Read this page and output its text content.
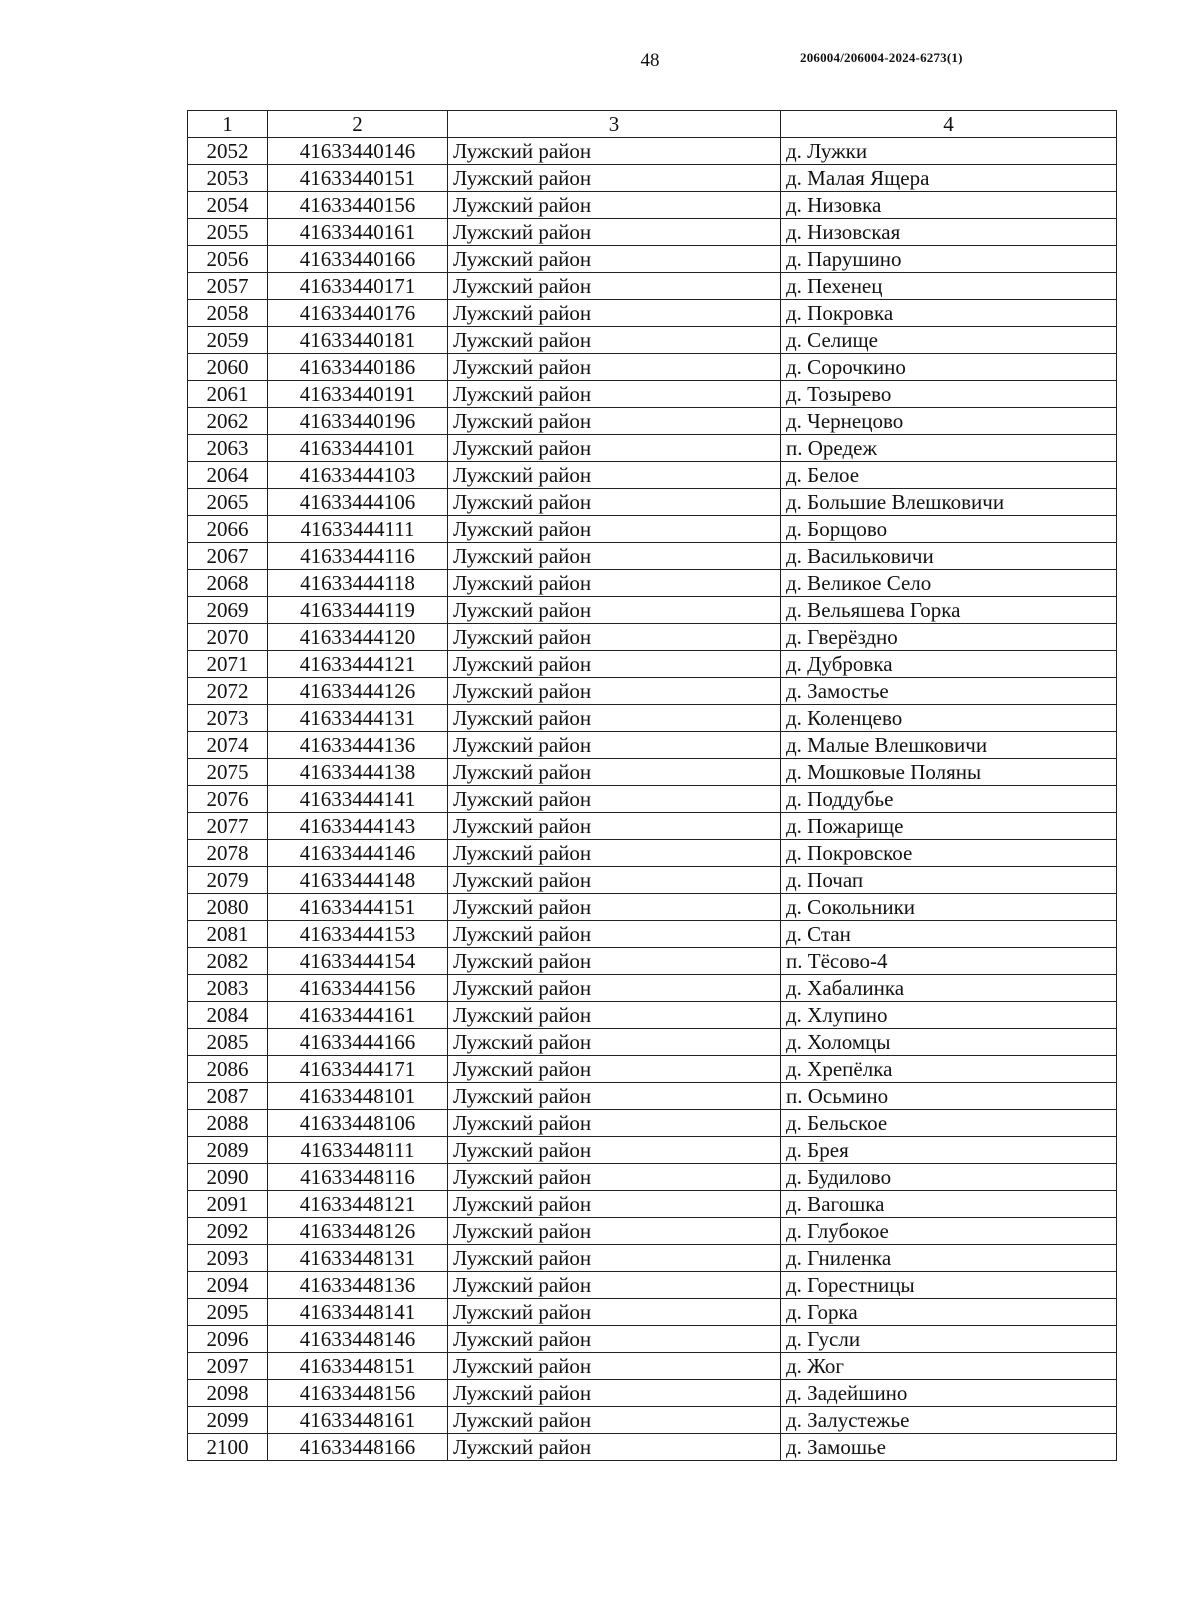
48	206004/206004-2024-6273(1)
1	2	3	4
2052	41633440146	Лужский район	д. Лужки
2053	41633440151	Лужский район	д. Малая Ящера
2054	41633440156	Лужский район	д. Низовка
2055	41633440161	Лужский район	д. Низовская
2056	41633440166	Лужский район	д. Парушино
2057	41633440171	Лужский район	д. Пехенец
2058	41633440176	Лужский район	д. Покровка
2059	41633440181	Лужский район	д. Селище
2060	41633440186	Лужский район	д. Сорочкино
2061	41633440191	Лужский район	д. Тозырево
2062	41633440196	Лужский район	д. Чернецово
2063	41633444101	Лужский район	п. Оредеж
2064	41633444103	Лужский район	д. Белое
2065	41633444106	Лужский район	д. Большие Влешковичи
2066	41633444111	Лужский район	д. Борщово
2067	41633444116	Лужский район	д. Васильковичи
2068	41633444118	Лужский район	д. Великое Село
2069	41633444119	Лужский район	д. Вельяшева Горка
2070	41633444120	Лужский район	д. Гверёздно
2071	41633444121	Лужский район	д. Дубровка
2072	41633444126	Лужский район	д. Замостье
2073	41633444131	Лужский район	д. Коленцево
2074	41633444136	Лужский район	д. Малые Влешковичи
2075	41633444138	Лужский район	д. Мошковые Поляны
2076	41633444141	Лужский район	д. Поддубье
2077	41633444143	Лужский район	д. Пожарище
2078	41633444146	Лужский район	д. Покровское
2079	41633444148	Лужский район	д. Почап
2080	41633444151	Лужский район	д. Сокольники
2081	41633444153	Лужский район	д. Стан
2082	41633444154	Лужский район	п. Тёсово-4
2083	41633444156	Лужский район	д. Хабалинка
2084	41633444161	Лужский район	д. Хлупино
2085	41633444166	Лужский район	д. Холомцы
2086	41633444171	Лужский район	д. Хрепёлка
2087	41633448101	Лужский район	п. Осьмино
2088	41633448106	Лужский район	д. Бельское
2089	41633448111	Лужский район	д. Брея
2090	41633448116	Лужский район	д. Будилово
2091	41633448121	Лужский район	д. Вагошка
2092	41633448126	Лужский район	д. Глубокое
2093	41633448131	Лужский район	д. Гниленка
2094	41633448136	Лужский район	д. Горестницы
2095	41633448141	Лужский район	д. Горка
2096	41633448146	Лужский район	д. Гусли
2097	41633448151	Лужский район	д. Жог
2098	41633448156	Лужский район	д. Задейшино
2099	41633448161	Лужский район	д. Залустежье
2100	41633448166	Лужский район	д. Замошье
